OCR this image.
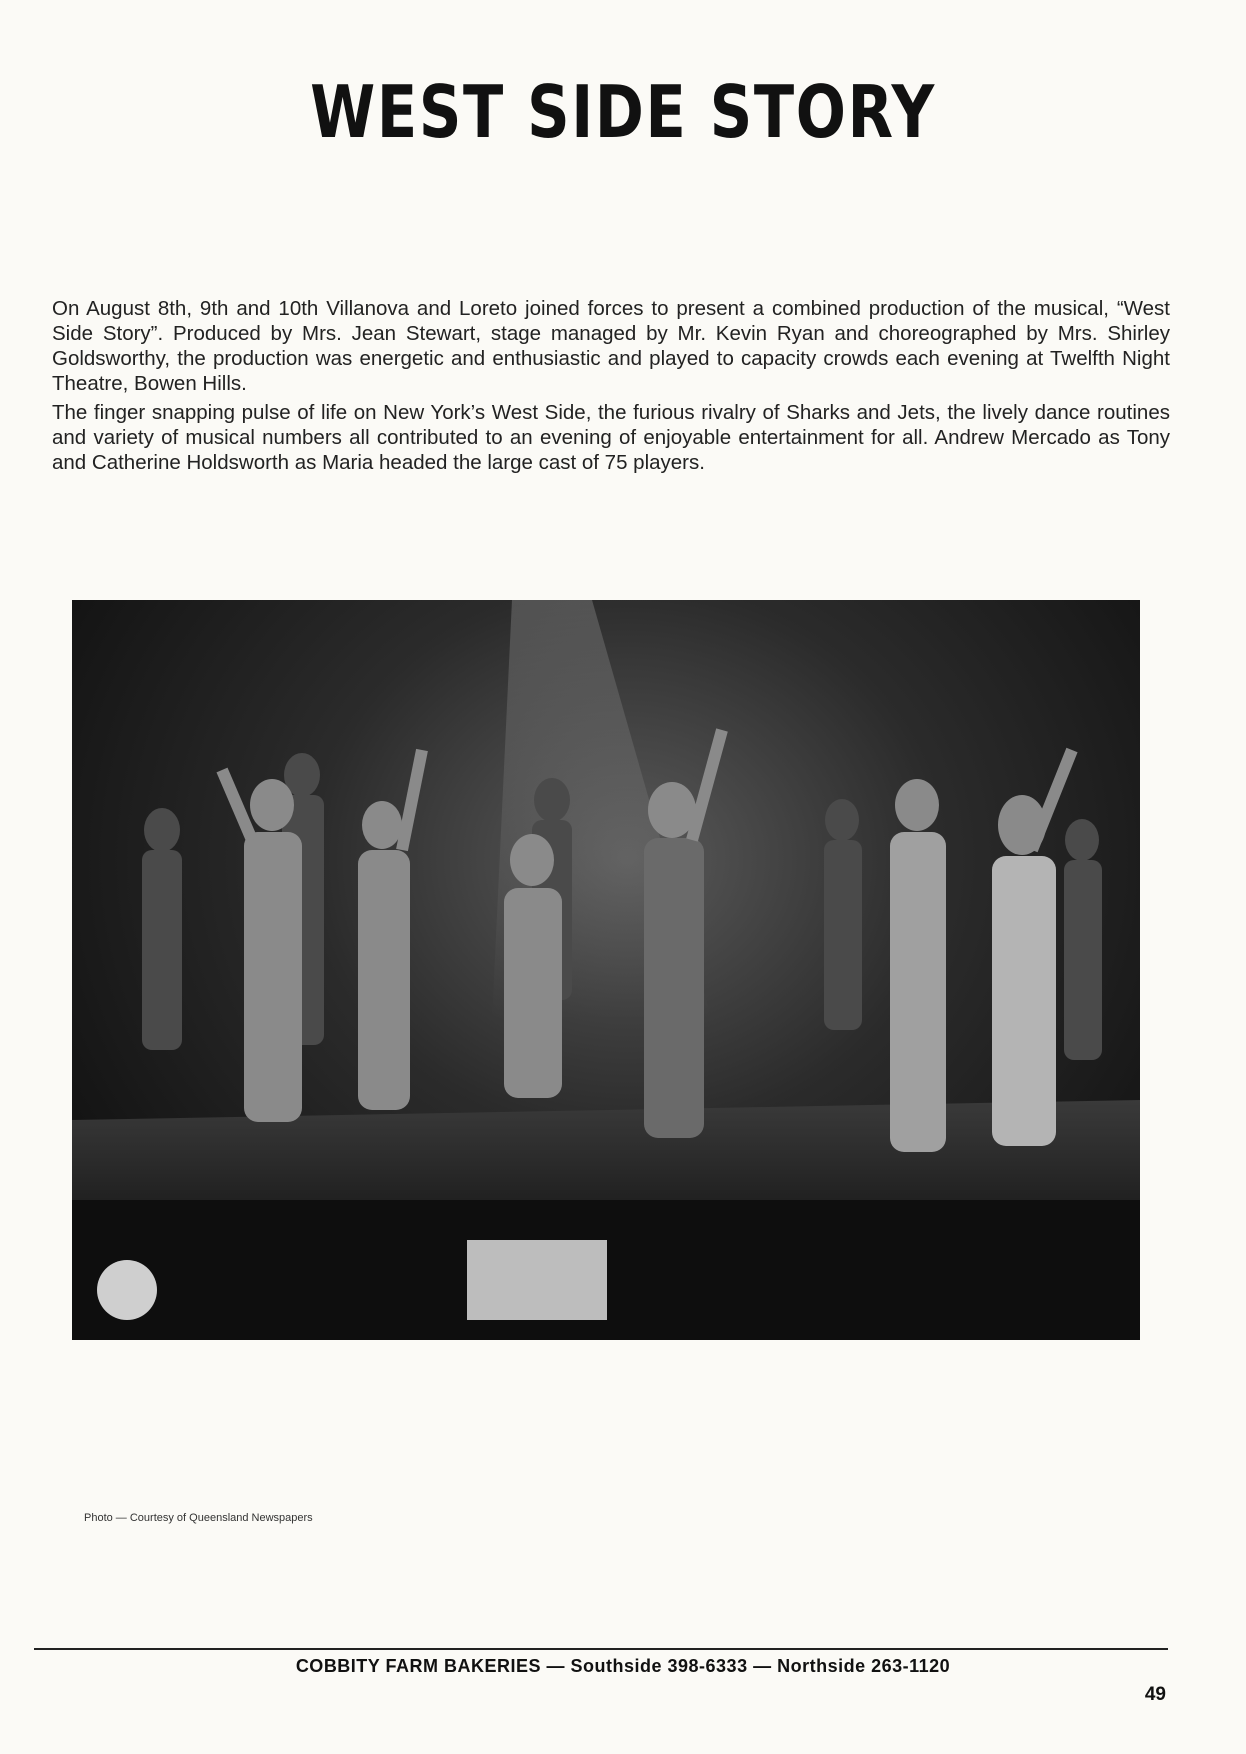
WEST SIDE STORY

On August 8th, 9th and 10th Villanova and Loreto joined forces to present a combined production of the musical, “West Side Story”. Produced by Mrs. Jean Stewart, stage managed by Mr. Kevin Ryan and choreographed by Mrs. Shirley Goldsworthy, the production was energetic and enthusiastic and played to capacity crowds each evening at Twelfth Night Theatre, Bowen Hills.

The finger snapping pulse of life on New York’s West Side, the furious rivalry of Sharks and Jets, the lively dance routines and variety of musical numbers all contributed to an evening of enjoyable entertainment for all. Andrew Mercado as Tony and Catherine Holdsworth as Maria headed the large cast of 75 players.

Photo — Courtesy of Queensland Newspapers
COBBITY FARM BAKERIES — Southside 398-6333 — Northside 263-1120
49
